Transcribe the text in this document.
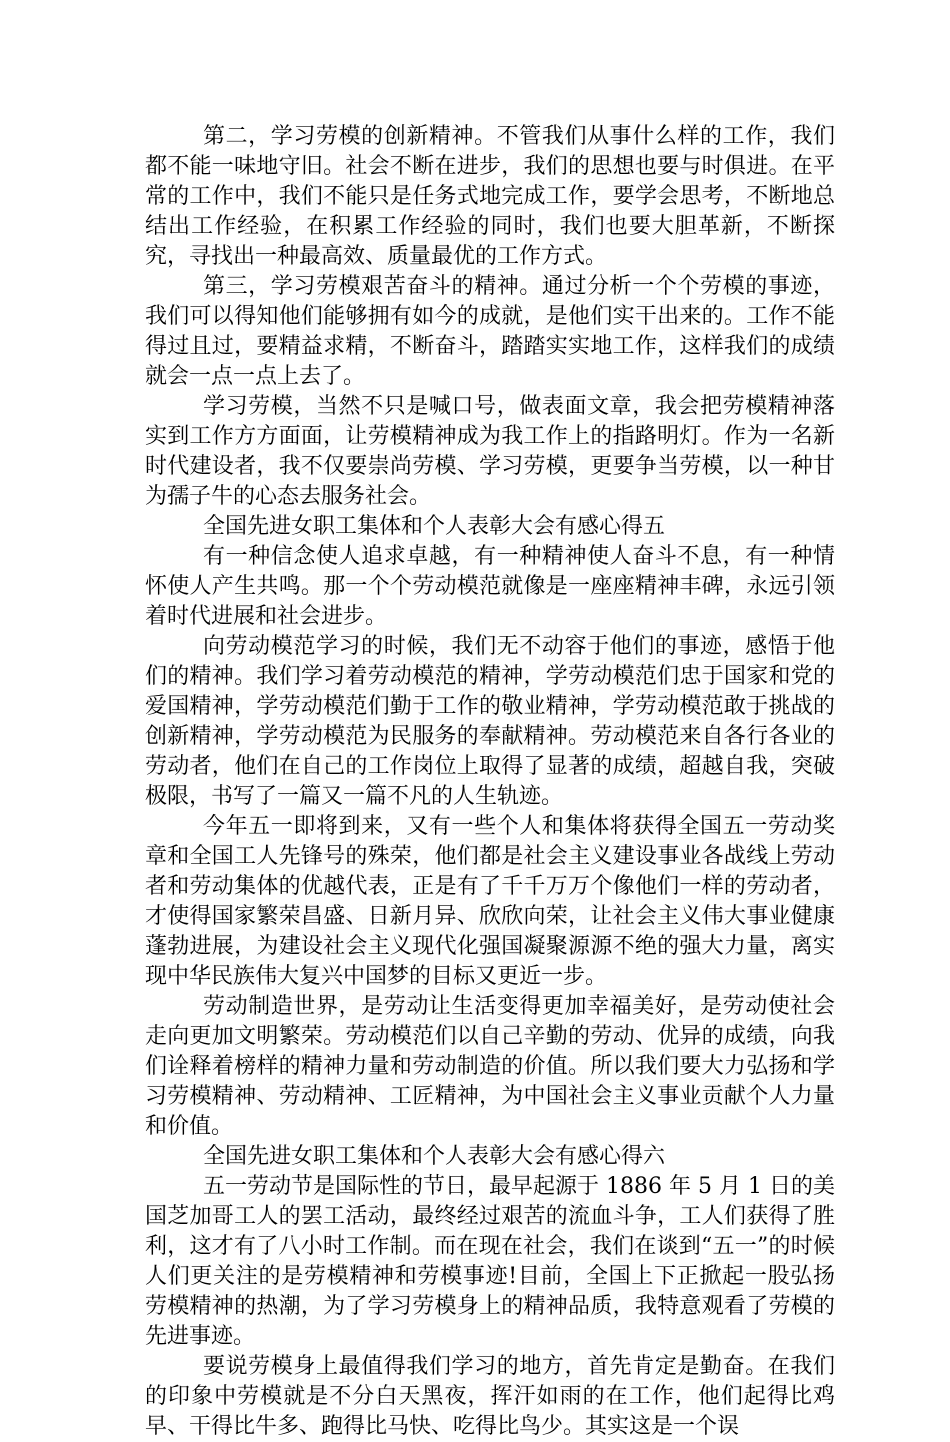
第二，学习劳模的创新精神。不管我们从事什么样的工作，我们都不能一味地守旧。社会不断在进步，我们的思想也要与时俱进。在平常的工作中，我们不能只是任务式地完成工作，要学会思考，不断地总结出工作经验，在积累工作经验的同时，我们也要大胆革新，不断探究，寻找出一种最高效、质量最优的工作方式。

第三，学习劳模艰苦奋斗的精神。通过分析一个个劳模的事迹，我们可以得知他们能够拥有如今的成就，是他们实干出来的。工作不能得过且过，要精益求精，不断奋斗，踏踏实实地工作，这样我们的成绩就会一点一点上去了。

学习劳模，当然不只是喊口号，做表面文章，我会把劳模精神落实到工作方方面面，让劳模精神成为我工作上的指路明灯。作为一名新时代建设者，我不仅要崇尚劳模、学习劳模，更要争当劳模，以一种甘为孺子牛的心态去服务社会。

全国先进女职工集体和个人表彰大会有感心得五

有一种信念使人追求卓越，有一种精神使人奋斗不息，有一种情怀使人产生共鸣。那一个个劳动模范就像是一座座精神丰碑，永远引领着时代进展和社会进步。

向劳动模范学习的时候，我们无不动容于他们的事迹，感悟于他们的精神。我们学习着劳动模范的精神，学劳动模范们忠于国家和党的爱国精神，学劳动模范们勤于工作的敬业精神，学劳动模范敢于挑战的创新精神，学劳动模范为民服务的奉献精神。劳动模范来自各行各业的劳动者，他们在自己的工作岗位上取得了显著的成绩，超越自我，突破极限，书写了一篇又一篇不凡的人生轨迹。

今年五一即将到来，又有一些个人和集体将获得全国五一劳动奖章和全国工人先锋号的殊荣，他们都是社会主义建设事业各战线上劳动者和劳动集体的优越代表，正是有了千千万万个像他们一样的劳动者，才使得国家繁荣昌盛、日新月异、欣欣向荣，让社会主义伟大事业健康蓬勃进展，为建设社会主义现代化强国凝聚源源不绝的强大力量，离实现中华民族伟大复兴中国梦的目标又更近一步。

劳动制造世界，是劳动让生活变得更加幸福美好，是劳动使社会走向更加文明繁荣。劳动模范们以自己辛勤的劳动、优异的成绩，向我们诠释着榜样的精神力量和劳动制造的价值。所以我们要大力弘扬和学习劳模精神、劳动精神、工匠精神，为中国社会主义事业贡献个人力量和价值。

全国先进女职工集体和个人表彰大会有感心得六

五一劳动节是国际性的节日，最早起源于 1886 年 5 月 1 日的美国芝加哥工人的罢工活动，最终经过艰苦的流血斗争，工人们获得了胜利，这才有了八小时工作制。而在现在社会，我们在谈到“五一”的时候人们更关注的是劳模精神和劳模事迹!目前，全国上下正掀起一股弘扬劳模精神的热潮，为了学习劳模身上的精神品质，我特意观看了劳模的先进事迹。

要说劳模身上最值得我们学习的地方，首先肯定是勤奋。在我们的印象中劳模就是不分白天黑夜，挥汗如雨的在工作，他们起得比鸡早、干得比牛多、跑得比马快、吃得比鸟少。其实这是一个误
